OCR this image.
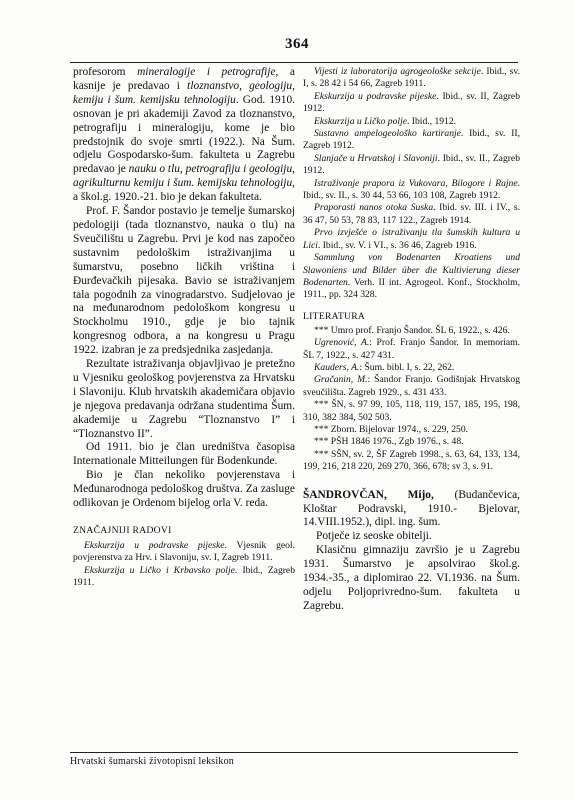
364

profesorom mineralogije i petrografije, a kasnije je predavao i tloznanstvo, geologiju, kemiju i šum. kemijsku tehnologiju. God. 1910. osnovan je pri akademiji Zavod za tloznanstvo, petrografiju i mineralogiju, kome je bio predstojnik do svoje smrti (1922.). Na Šum. odjelu Gospodarsko-šum. fakulteta u Zagrebu predavao je nauku o tlu, petrografiju i geologiju, agrikulturnu kemiju i šum. kemijsku tehnologiju, a škol.g. 1920.-21. bio je dekan fakulteta.

Prof. F. Šandor postavio je temelje šumarskoj pedologiji (tada tloznanstvo, nauka o tlu) na Sveučilištu u Zagrebu. Prvi je kod nas započeo sustavnim pedološkim istraživanjima u šumarstvu, posebno ličkih vriština i Đurđevačkih pijesaka. Bavio se istraživanjem tala pogodnih za vinogradarstvo. Sudjelovao je na međunarodnom pedološkom kongresu u Stockholmu 1910., gdje je bio tajnik kongresnog odbora, a na kongresu u Pragu 1922. izabran je za predsjednika zasjedanja.

Rezultate istraživanja objavljivao je pretežno u Vjesniku geološkog povjerenstva za Hrvatsku i Slavoniju. Klub hrvatskih akademičara objavio je njegova predavanja održana studentima Šum. akademije u Zagrebu “Tloznanstvo I” i “Tloznanstvo II”.

Od 1911. bio je član uredništva časopisa Internationale Mitteilungen für Bodenkunde.

Bio je član nekoliko povjerenstava i Međunarodnoga pedološkog društva. Za zasluge odlikovan je Ordenom bijelog orla V. reda.

ZNAČAJNIJI RADOVI

Ekskurzija u podravske pijeske. Vjesnik geol. povjerenstva za Hrv. i Slavoniju, sv. I, Zagreb 1911.

Ekskurzija u Ličko i Krbavsko polje. Ibid., Zagreb 1911.

Vijesti iz laboratorija agrogeološke sekcije. Ibid., sv. I, s. 28 42 i 54 66, Zagreb 1911.

Ekskurzija u podravske pijeske. Ibid., sv. II, Zagreb 1912.

Ekskurzija u Ličko polje. Ibid., 1912.

Sustavno ampelogeološko kartiranje. Ibid., sv. II, Zagreb 1912.

Slanjače u Hrvatskoj i Slavoniji. Ibid., sv. II., Zagreb 1912.

Istraživanje prapora iz Vukovara, Bilogore i Rajne. Ibid., sv. II., s. 30 44, 53 66, 103 108, Zagreb 1912.

Praporasti nanos otoka Suska. Ibid. sv. III. i IV., s. 36 47, 50 53, 78 83, 117 122., Zagreb 1914.

Prvo izvješće o istraživanju tla šumskih kultura u Lici. Ibid., sv. V. i VI., s. 36 46, Zagreb 1916.

Sammlung von Bodenarten Kroatiens und Slawoniens und Bilder über die Kultivierung dieser Bodenarten. Verh. II int. Agrogeol. Konf., Stockholm, 1911., pp. 324 328.

LITERATURA

*** Umro prof. Franjo Šandor. ŠL 6, 1922., s. 426.

Ugrenović, A.: Prof. Franjo Šandor. In memoriam. ŠL 7, 1922., s. 427 431.

Kauders, A.: Šum. bibl. I, s. 22, 262.

Gračanin, M.: Šandor Franjo. Godišnjak Hrvatskog sveučilišta. Zagreb 1929., s. 431 433.

*** ŠN, s. 97 99, 105, 118, 119, 157, 185, 195, 198, 310, 382 384, 502 503.

*** Zborn. Bijelovar 1974., s. 229, 250.

*** PŠH 1846 1976., Zgb 1976., s. 48.

*** SŠN, sv. 2, ŠF Zagreb 1998., s. 63, 64, 133, 134, 199, 216, 218 220, 269 270, 366, 678; sv 3, s. 91.

ŠANDROVČAN, Mijo, (Budančevica, Kloštar Podravski, 1910.- Bjelovar, 14.VIII.1952.), dipl. ing. šum.

Potječe iz seoske obitelji.

Klasičnu gimnaziju završio je u Zagrebu 1931. Šumarstvo je apsolvirao škol.g. 1934.-35., a diplomirao 22. VI.1936. na Šum. odjelu Poljoprivredno-šum. fakulteta u Zagrebu.

Hrvatski šumarski životopisni leksikon
